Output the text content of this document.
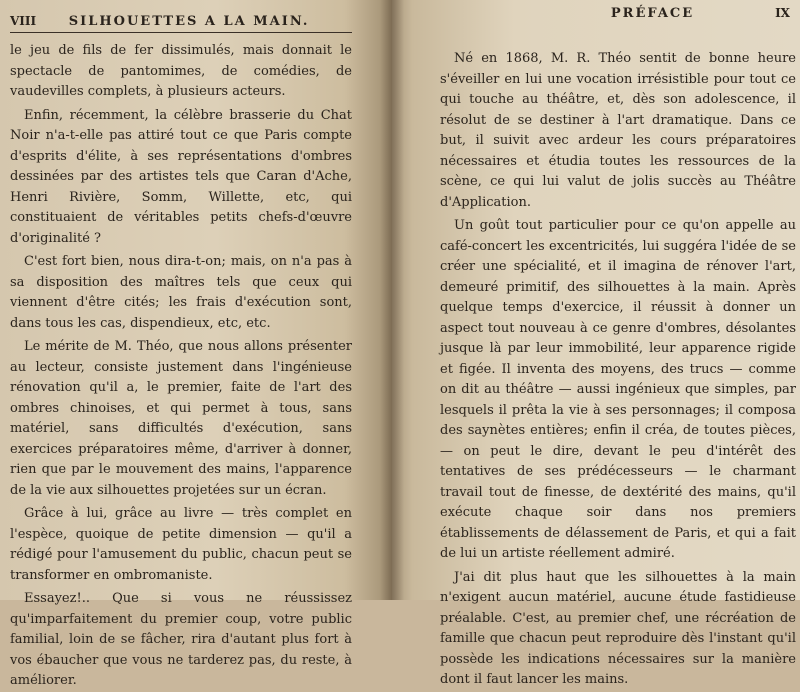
VIII	SILHOUETTES A LA MAIN.

le jeu de fils de fer dissimulés, mais donnait le spectacle de pantomimes, de comédies, de vaudevilles complets, à plusieurs acteurs.

Enfin, récemment, la célèbre brasserie du Chat Noir n'a-t-elle pas attiré tout ce que Paris compte d'esprits d'élite, à ses représentations d'ombres dessinées par des artistes tels que Caran d'Ache, Henri Rivière, Somm, Willette, etc, qui constituaient de véritables petits chefs-d'œuvre d'originalité ?

C'est fort bien, nous dira-t-on; mais, on n'a pas à sa disposition des maîtres tels que ceux qui viennent d'être cités; les frais d'exécution sont, dans tous les cas, dispendieux, etc, etc.

Le mérite de M. Théo, que nous allons présenter au lecteur, consiste justement dans l'ingénieuse rénovation qu'il a, le premier, faite de l'art des ombres chinoises, et qui permet à tous, sans matériel, sans difficultés d'exécution, sans exercices préparatoires même, d'arriver à donner, rien que par le mouvement des mains, l'apparence de la vie aux silhouettes projetées sur un écran.

Grâce à lui, grâce au livre — très complet en l'espèce, quoique de petite dimension — qu'il a rédigé pour l'amusement du public, chacun peut se transformer en ombromaniste.

Essayez!.. Que si vous ne réussissez qu'imparfaitement du premier coup, votre public familial, loin de se fâcher, rira d'autant plus fort à vos ébaucher que vous ne tarderez pas, du reste, à améliorer.

PRÉFACE	IX

Né en 1868, M. R. Théo sentit de bonne heure s'éveiller en lui une vocation irrésistible pour tout ce qui touche au théâtre, et, dès son adolescence, il résolut de se destiner à l'art dramatique. Dans ce but, il suivit avec ardeur les cours préparatoires nécessaires et étudia toutes les ressources de la scène, ce qui lui valut de jolis succès au Théâtre d'Application.

Un goût tout particulier pour ce qu'on appelle au café-concert les excentricités, lui suggéra l'idée de se créer une spécialité, et il imagina de rénover l'art, demeuré primitif, des silhouettes à la main. Après quelque temps d'exercice, il réussit à donner un aspect tout nouveau à ce genre d'ombres, désolantes jusque là par leur immobilité, leur apparence rigide et figée. Il inventa des moyens, des trucs — comme on dit au théâtre — aussi ingénieux que simples, par lesquels il prêta la vie à ses personnages; il composa des saynètes entières; enfin il créa, de toutes pièces, — on peut le dire, devant le peu d'intérêt des tentatives de ses prédécesseurs — le charmant travail tout de finesse, de dextérité des mains, qu'il exécute chaque soir dans nos premiers établissements de délassement de Paris, et qui a fait de lui un artiste réellement admiré.

J'ai dit plus haut que les silhouettes à la main n'exigent aucun matériel, aucune étude fastidieuse préalable. C'est, au premier chef, une récréation de famille que chacun peut reproduire dès l'instant qu'il possède les indications nécessaires sur la manière dont il faut lancer les mains.
